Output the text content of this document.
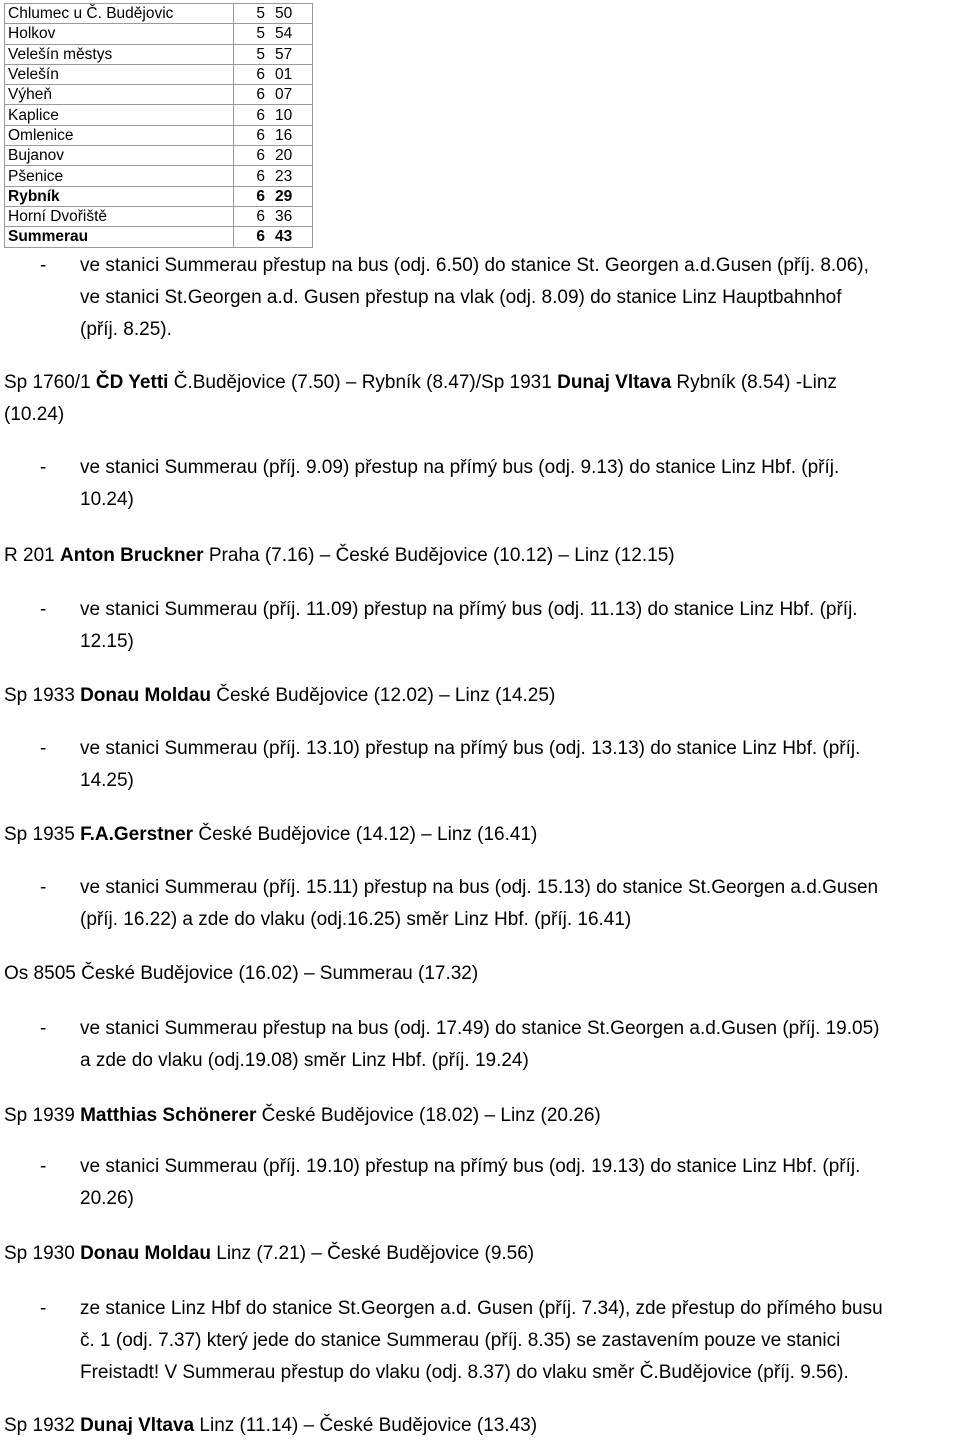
Chlumec u Č. Budějovic	5	50
Holkov	5	54
Velešín městys	5	57
Velešín	6	01
Výheň	6	07
Kaplice	6	10
Omlenice	6	16
Bujanov	6	20
Pšenice	6	23
Rybník	6	29
Horní Dvořiště	6	36
Summerau	6	43
- ve stanici Summerau přestup na bus (odj. 6.50) do stanice St. Georgen a.d.Gusen (příj. 8.06),
ve stanici St.Georgen a.d. Gusen přestup na vlak (odj. 8.09) do stanice Linz Hauptbahnhof
(příj. 8.25).
Sp 1760/1 ČD Yetti Č.Budějovice (7.50) – Rybník (8.47)/Sp 1931 Dunaj Vltava Rybník (8.54) -Linz
(10.24)
- ve stanici Summerau (příj. 9.09) přestup na přímý bus (odj. 9.13) do stanice Linz Hbf. (příj.
10.24)
R 201 Anton Bruckner Praha (7.16) – České Budějovice (10.12) – Linz (12.15)
- ve stanici Summerau (příj. 11.09) přestup na přímý bus (odj. 11.13) do stanice Linz Hbf. (příj.
12.15)
Sp 1933 Donau Moldau České Budějovice (12.02) – Linz (14.25)
- ve stanici Summerau (příj. 13.10) přestup na přímý bus (odj. 13.13) do stanice Linz Hbf. (příj.
14.25)
Sp 1935 F.A.Gerstner České Budějovice (14.12) – Linz (16.41)
- ve stanici Summerau (příj. 15.11) přestup na bus (odj. 15.13) do stanice St.Georgen a.d.Gusen
(příj. 16.22) a zde do vlaku (odj.16.25) směr Linz Hbf. (příj. 16.41)
Os 8505 České Budějovice (16.02) – Summerau (17.32)
- ve stanici Summerau přestup na bus (odj. 17.49) do stanice St.Georgen a.d.Gusen (příj. 19.05)
a zde do vlaku (odj.19.08) směr Linz Hbf. (příj. 19.24)
Sp 1939 Matthias Schönerer České Budějovice (18.02) – Linz (20.26)
- ve stanici Summerau (příj. 19.10) přestup na přímý bus (odj. 19.13) do stanice Linz Hbf. (příj.
20.26)
Sp 1930 Donau Moldau Linz (7.21) – České Budějovice (9.56)
- ze stanice Linz Hbf do stanice St.Georgen a.d. Gusen (příj. 7.34), zde přestup do přímého busu
č. 1 (odj. 7.37) který jede do stanice Summerau (příj. 8.35) se zastavením pouze ve stanici
Freistadt! V Summerau přestup do vlaku (odj. 8.37) do vlaku směr Č.Budějovice (příj. 9.56).
Sp 1932 Dunaj Vltava Linz (11.14) – České Budějovice (13.43)
